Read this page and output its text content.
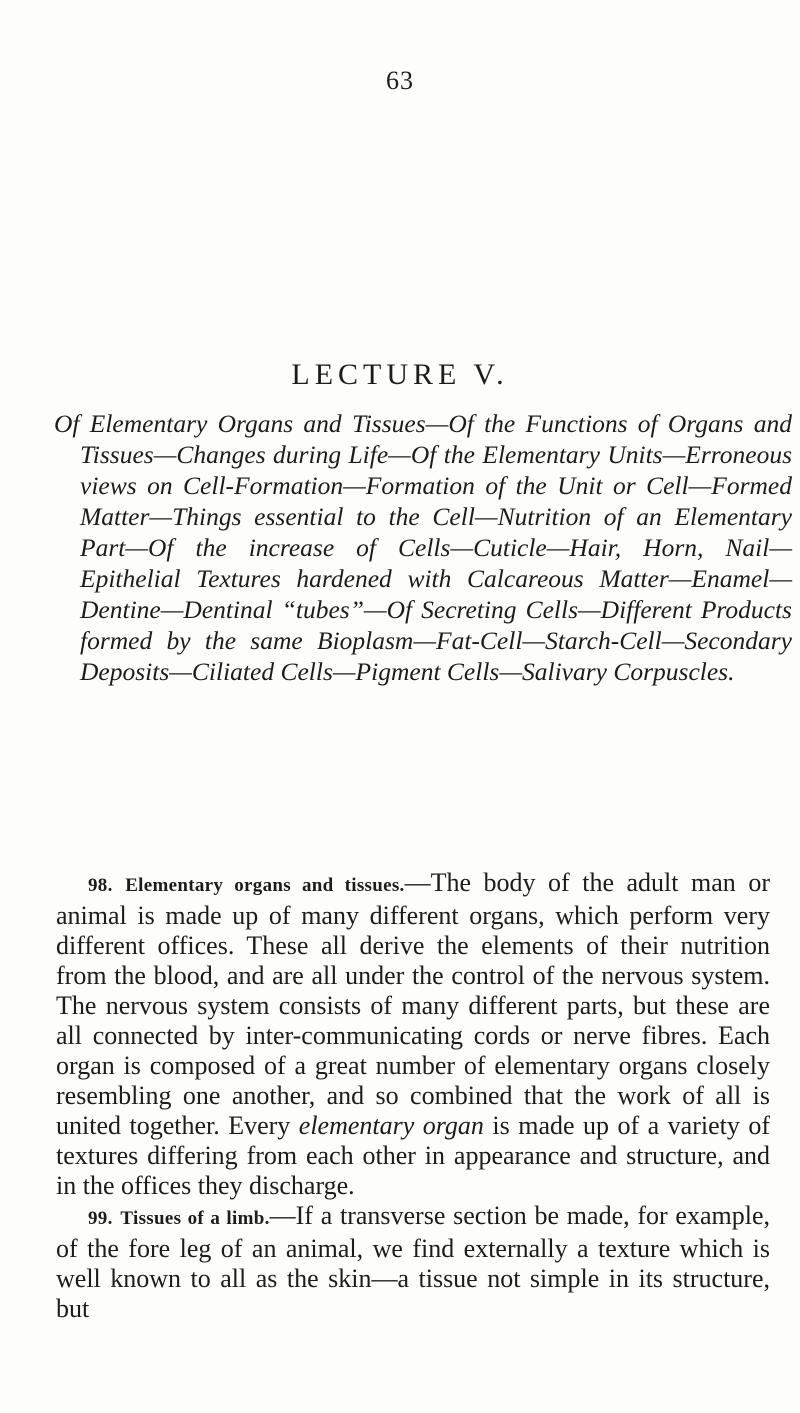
63
LECTURE V.

Of Elementary Organs and Tissues—Of the Functions of Organs and Tissues—Changes during Life—Of the Elementary Units—Erroneous views on Cell-Formation—Formation of the Unit or Cell—Formed Matter—Things essential to the Cell—Nutrition of an Elementary Part—Of the increase of Cells—Cuticle—Hair, Horn, Nail—Epithelial Textures hardened with Calcareous Matter—Enamel—Dentine—Dentinal “tubes”—Of Secreting Cells—Different Products formed by the same Bioplasm—Fat-Cell—Starch-Cell—Secondary Deposits—Ciliated Cells—Pigment Cells—Salivary Corpuscles.

98. Elementary organs and tissues.—The body of the adult man or animal is made up of many different organs, which perform very different offices. These all derive the elements of their nutrition from the blood, and are all under the control of the nervous system. The nervous system consists of many different parts, but these are all connected by inter-communicating cords or nerve fibres. Each organ is composed of a great number of elementary organs closely resembling one another, and so combined that the work of all is united together. Every elementary organ is made up of a variety of textures differing from each other in appearance and structure, and in the offices they discharge.

99. Tissues of a limb.—If a transverse section be made, for example, of the fore leg of an animal, we find externally a texture which is well known to all as the skin—a tissue not simple in its structure, but
